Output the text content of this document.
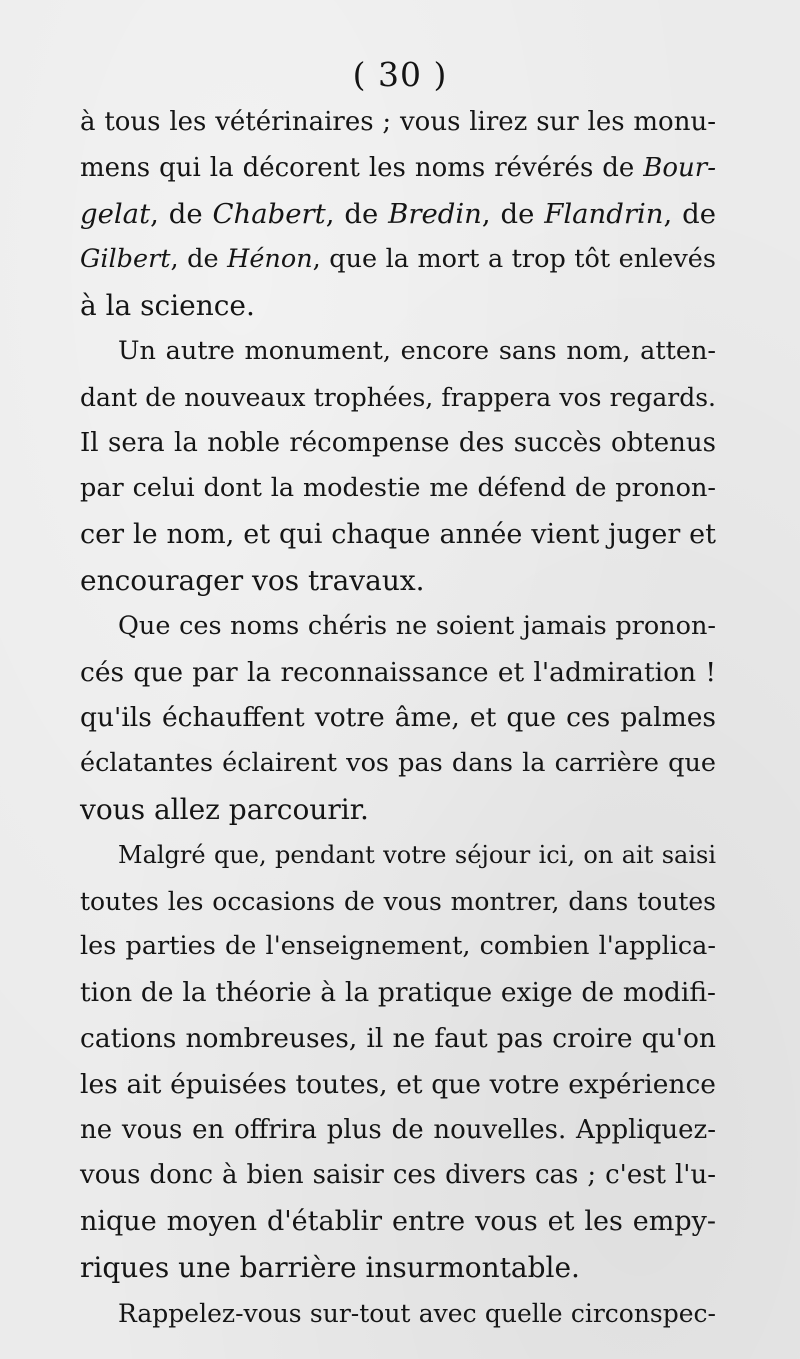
( 30 )
à tous les vétérinaires ; vous lirez sur les monu-
mens qui la décorent les noms révérés de Bour-
gelat, de Chabert, de Bredin, de Flandrin, de
Gilbert, de Hénon, que la mort a trop tôt enlevés
à la science.
Un autre monument, encore sans nom, atten-
dant de nouveaux trophées, frappera vos regards.
Il sera la noble récompense des succès obtenus
par celui dont la modestie me défend de pronon-
cer le nom, et qui chaque année vient juger et
encourager vos travaux.
Que ces noms chéris ne soient jamais pronon-
cés que par la reconnaissance et l'admiration !
qu'ils échauffent votre âme, et que ces palmes
éclatantes éclairent vos pas dans la carrière que
vous allez parcourir.
Malgré que, pendant votre séjour ici, on ait saisi
toutes les occasions de vous montrer, dans toutes
les parties de l'enseignement, combien l'applica-
tion de la théorie à la pratique exige de modifi-
cations nombreuses, il ne faut pas croire qu'on
les ait épuisées toutes, et que votre expérience
ne vous en offrira plus de nouvelles. Appliquez-
vous donc à bien saisir ces divers cas ; c'est l'u-
nique moyen d'établir entre vous et les empy-
riques une barrière insurmontable.
Rappelez-vous sur-tout avec quelle circonspec-
